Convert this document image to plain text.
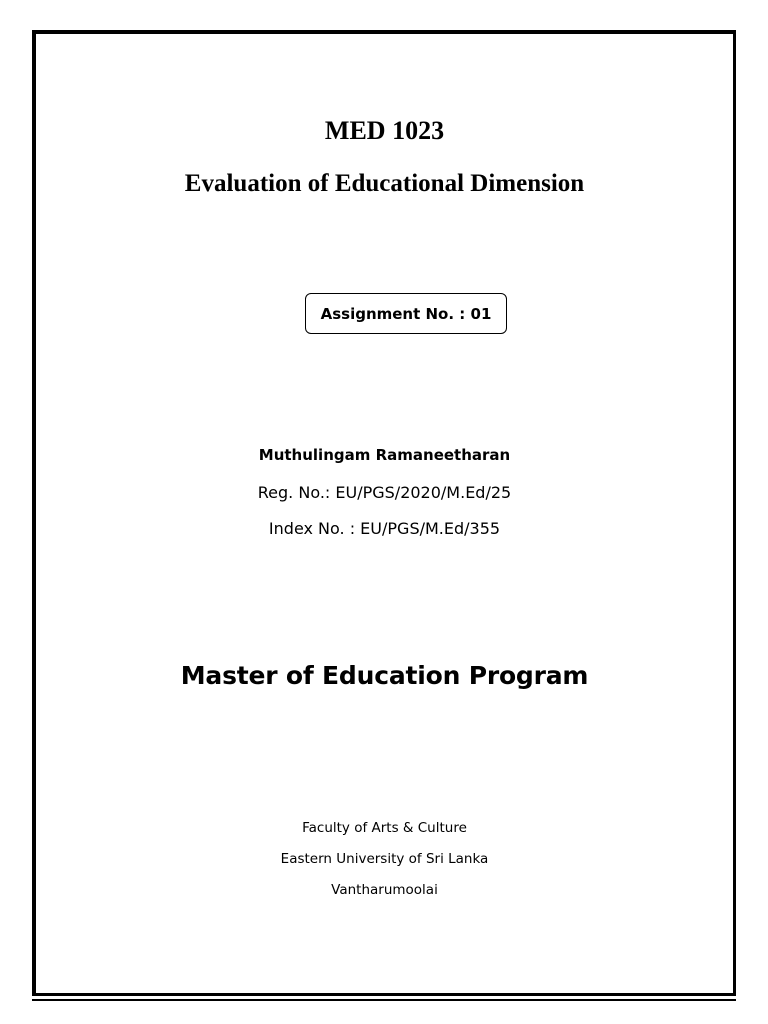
MED 1023
Evaluation of Educational Dimension
Assignment No. : 01

Muthulingam Ramaneetharan

Reg. No.: EU/PGS/2020/M.Ed/25

Index No. : EU/PGS/M.Ed/355

Master of Education Program

Faculty of Arts & Culture

Eastern University of Sri Lanka

Vantharumoolai
